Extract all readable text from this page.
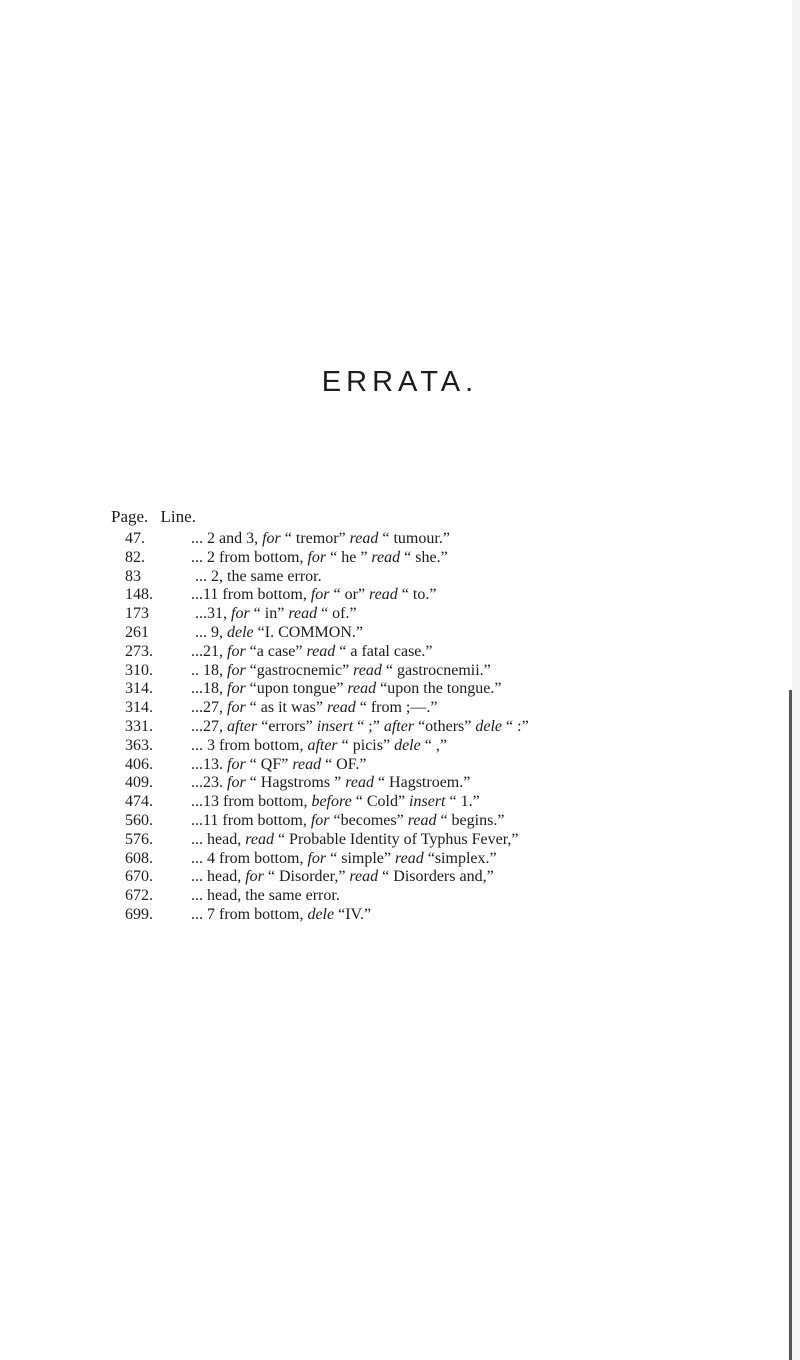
ERRATA.
Page. Line.
47.	... 2 and 3, for “ tremor” read “ tumour.”
82.	... 2 from bottom, for “ he ” read “ she.”
83	... 2, the same error.
148.	...11 from bottom, for “ or” read “ to.”
173	...31, for “ in” read “ of.”
261	... 9, dele “I. COMMON.”
273.	...21, for “a case” read “ a fatal case.”
310.	.. 18, for “gastrocnemic” read “ gastrocnemii.”
314.	...18, for “upon tongue” read “upon the tongue.”
314.	...27, for “ as it was” read “ from ;—.”
331.	...27, after “errors” insert “ ;” after “others” dele “ :”
363.	... 3 from bottom, after “ picis” dele “ ,”
406.	...13. for “ QF” read “ OF.”
409.	...23. for “ Hagstroms ” read “ Hagstroem.”
474.	...13 from bottom, before “ Cold” insert “ 1.”
560.	...11 from bottom, for “becomes” read “ begins.”
576.	... head, read “ Probable Identity of Typhus Fever,”
608.	... 4 from bottom, for “ simple” read “simplex.”
670.	... head, for “ Disorder,” read “ Disorders and,”
672.	... head, the same error.
699.	... 7 from bottom, dele “IV.”
